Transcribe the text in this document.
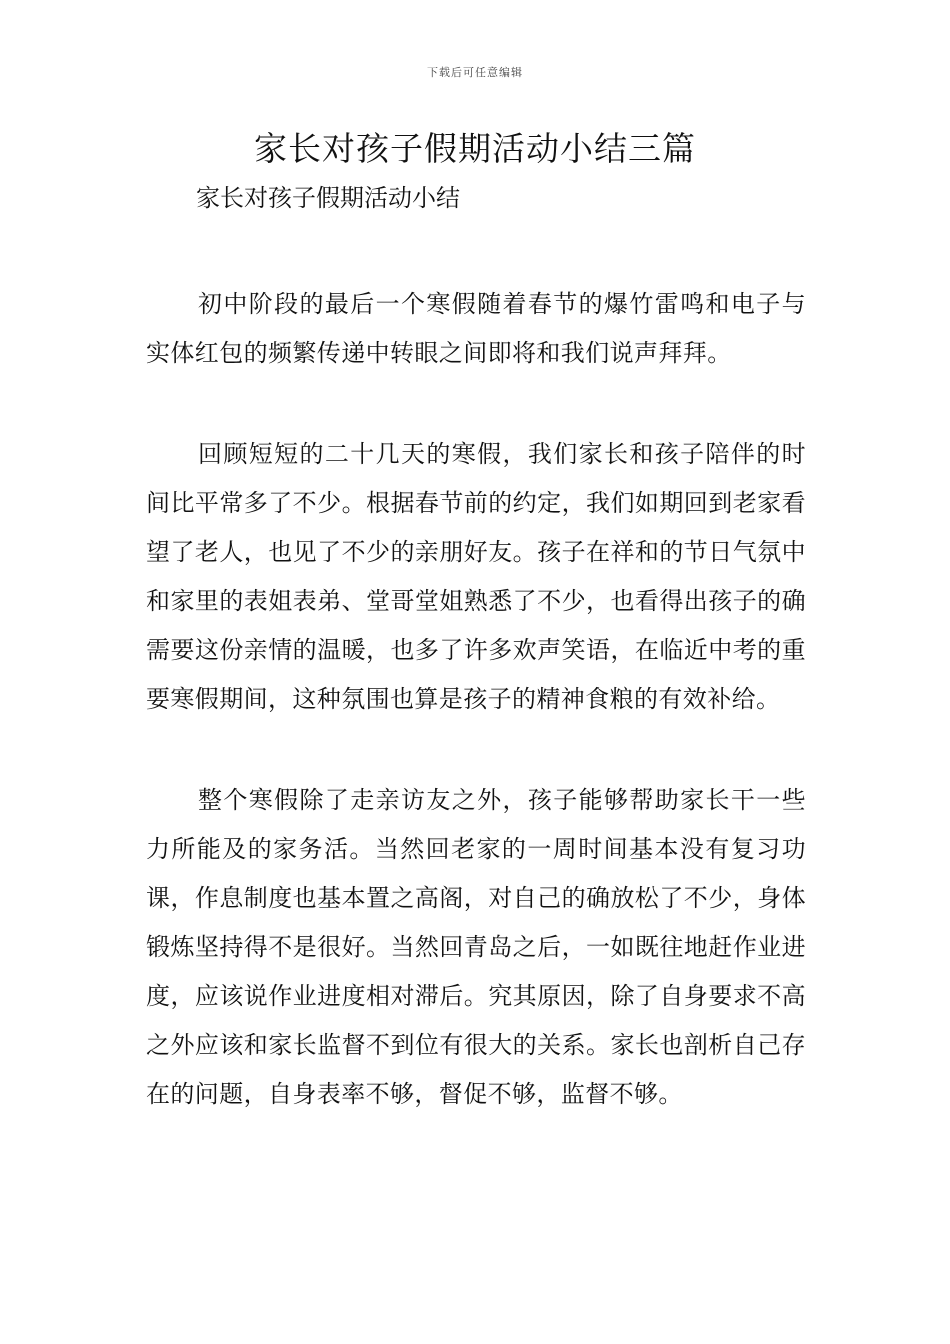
下载后可任意编辑
家长对孩子假期活动小结三篇
家长对孩子假期活动小结

初中阶段的最后一个寒假随着春节的爆竹雷鸣和电子与实体红包的频繁传递中转眼之间即将和我们说声拜拜。

回顾短短的二十几天的寒假，我们家长和孩子陪伴的时间比平常多了不少。根据春节前的约定，我们如期回到老家看望了老人，也见了不少的亲朋好友。孩子在祥和的节日气氛中和家里的表姐表弟、堂哥堂姐熟悉了不少，也看得出孩子的确需要这份亲情的温暖，也多了许多欢声笑语，在临近中考的重要寒假期间，这种氛围也算是孩子的精神食粮的有效补给。

整个寒假除了走亲访友之外，孩子能够帮助家长干一些力所能及的家务活。当然回老家的一周时间基本没有复习功课，作息制度也基本置之高阁，对自己的确放松了不少，身体锻炼坚持得不是很好。当然回青岛之后，一如既往地赶作业进度，应该说作业进度相对滞后。究其原因，除了自身要求不高之外应该和家长监督不到位有很大的关系。家长也剖析自己存在的问题，自身表率不够，督促不够，监督不够。
